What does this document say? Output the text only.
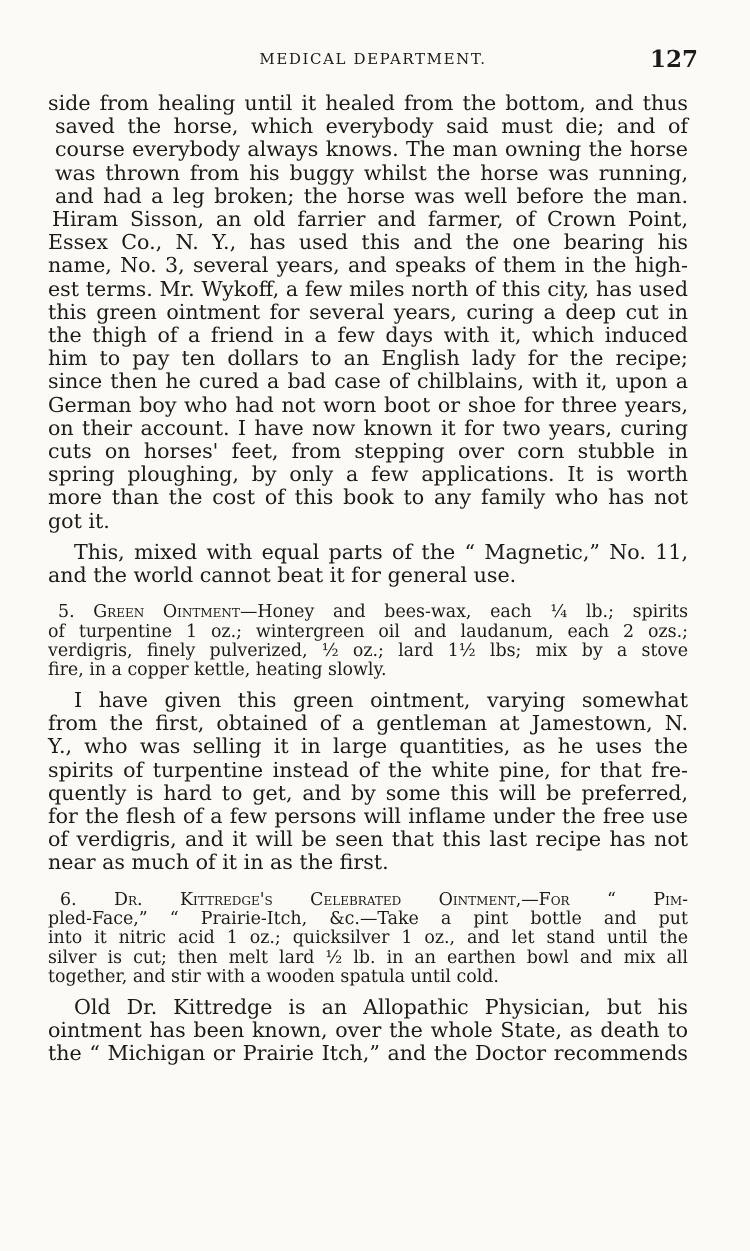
MEDICAL DEPARTMENT.	127

side from healing until it healed from the bottom, and thus
saved the horse, which everybody said must die; and of
course everybody always knows. The man owning the horse
was thrown from his buggy whilst the horse was running,
and had a leg broken; the horse was well before the man.
Hiram Sisson, an old farrier and farmer, of Crown Point,
Essex Co., N. Y., has used this and the one bearing his
name, No. 3, several years, and speaks of them in the high-
est terms. Mr. Wykoff, a few miles north of this city, has used
this green ointment for several years, curing a deep cut in
the thigh of a friend in a few days with it, which induced
him to pay ten dollars to an English lady for the recipe;
since then he cured a bad case of chilblains, with it, upon a
German boy who had not worn boot or shoe for three years,
on their account. I have now known it for two years, curing
cuts on horses' feet, from stepping over corn stubble in
spring ploughing, by only a few applications. It is worth
more than the cost of this book to any family who has not
got it.

This, mixed with equal parts of the “ Magnetic,” No. 11,
and the world cannot beat it for general use.

5. Green Ointment—Honey and bees-wax, each ¼ lb.; spirits
of turpentine 1 oz.; wintergreen oil and laudanum, each 2 ozs.;
verdigris, finely pulverized, ½ oz.; lard 1½ lbs; mix by a stove
fire, in a copper kettle, heating slowly.

I have given this green ointment, varying somewhat
from the first, obtained of a gentleman at Jamestown, N.
Y., who was selling it in large quantities, as he uses the
spirits of turpentine instead of the white pine, for that fre-
quently is hard to get, and by some this will be preferred,
for the flesh of a few persons will inflame under the free use
of verdigris, and it will be seen that this last recipe has not
near as much of it in as the first.

6. Dr. Kittredge's Celebrated Ointment,—For “ Pim-
pled-Face,” “ Prairie-Itch, &c.—Take a pint bottle and put
into it nitric acid 1 oz.; quicksilver 1 oz., and let stand until the
silver is cut; then melt lard ½ lb. in an earthen bowl and mix all
together, and stir with a wooden spatula until cold.

Old Dr. Kittredge is an Allopathic Physician, but his
ointment has been known, over the whole State, as death to
the “ Michigan or Prairie Itch,” and the Doctor recommends
